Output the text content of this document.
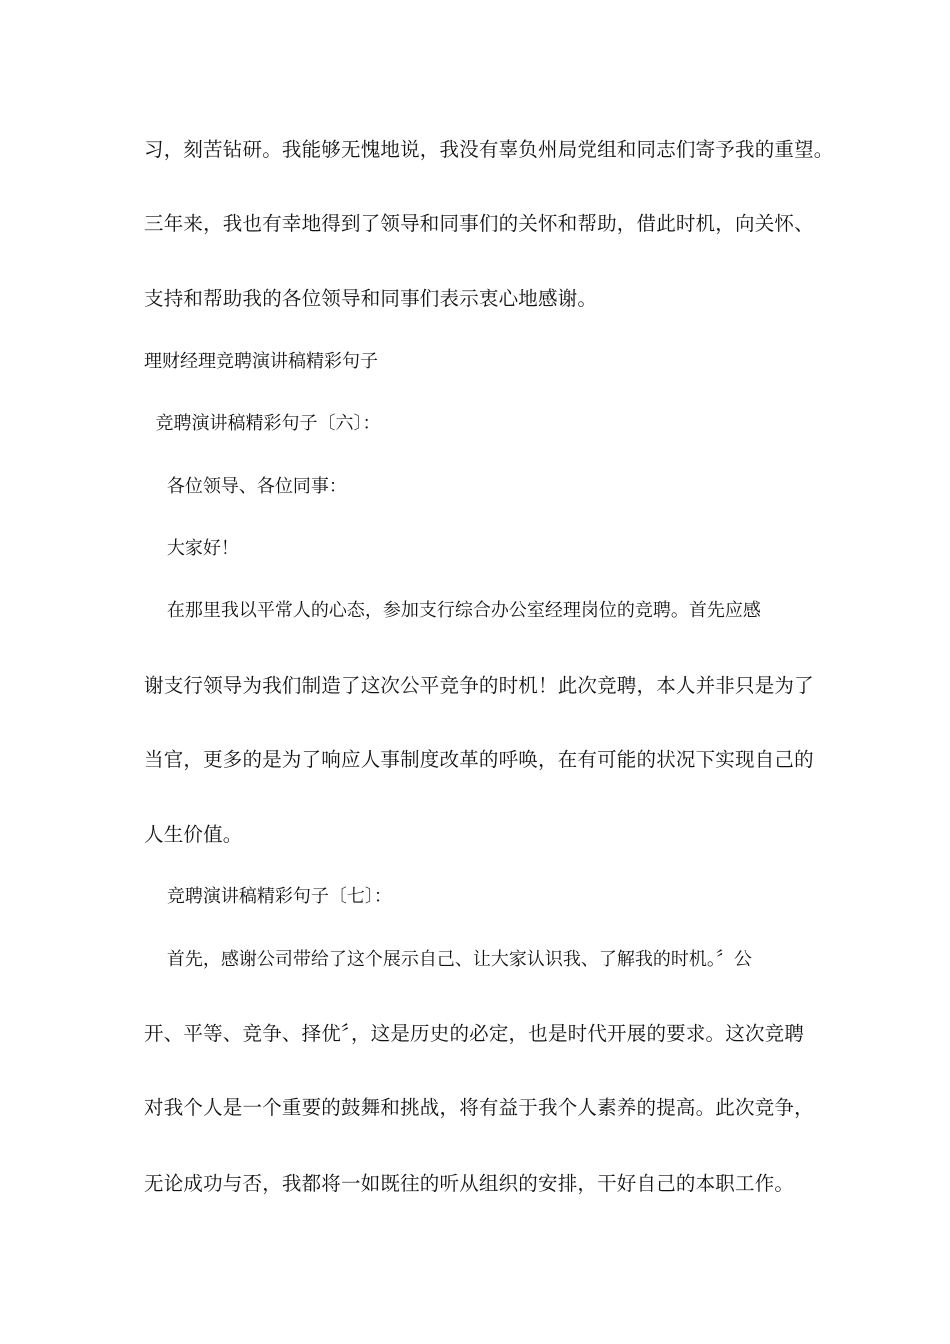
习，刻苦钻研。我能够无愧地说，我没有辜负州局党组和同志们寄予我的重望。

三年来，我也有幸地得到了领导和同事们的关怀和帮助，借此时机，向关怀、

支持和帮助我的各位领导和同事们表示衷心地感谢。

理财经理竞聘演讲稿精彩句子

竞聘演讲稿精彩句子〔六〕：

各位领导、各位同事：

大家好！

在那里我以平常人的心态，参加支行综合办公室经理岗位的竞聘。首先应感

谢支行领导为我们制造了这次公平竞争的时机！此次竞聘，本人并非只是为了

当官，更多的是为了响应人事制度改革的呼唤，在有可能的状况下实现自己的

人生价值。

竞聘演讲稿精彩句子〔七〕：

首先，感谢公司带给了这个展示自己、让大家认识我、了解我的时机。〞公

开、平等、竞争、择优〞，这是历史的必定，也是时代开展的要求。这次竞聘

对我个人是一个重要的鼓舞和挑战，将有益于我个人素养的提高。此次竞争，

无论成功与否，我都将一如既往的听从组织的安排，干好自己的本职工作。
